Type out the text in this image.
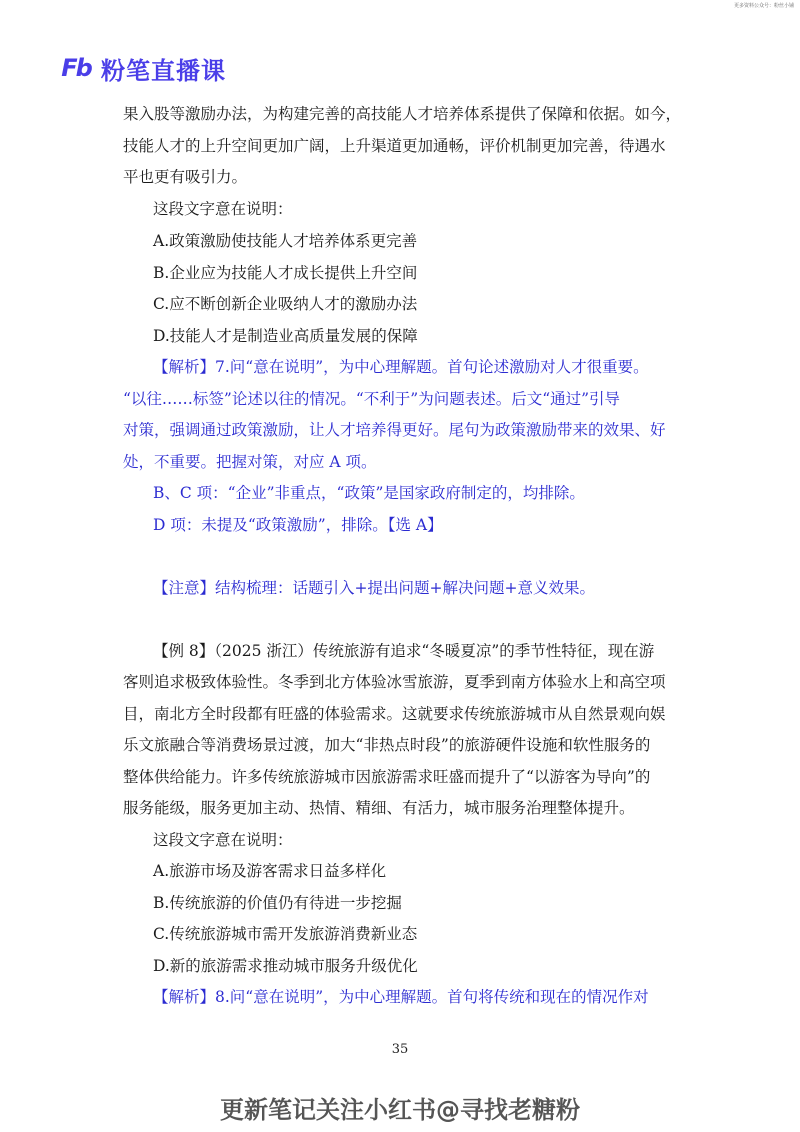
更多资料公众号：粉丝小铺
Fb 粉笔直播课
果入股等激励办法，为构建完善的高技能人才培养体系提供了保障和依据。如今，
技能人才的上升空间更加广阔，上升渠道更加通畅，评价机制更加完善，待遇水
平也更有吸引力。
这段文字意在说明：
A.政策激励使技能人才培养体系更完善
B.企业应为技能人才成长提供上升空间
C.应不断创新企业吸纳人才的激励办法
D.技能人才是制造业高质量发展的保障
【解析】7.问“意在说明”，为中心理解题。首句论述激励对人才很重要。
“以往……标签”论述以往的情况。“不利于”为问题表述。后文“通过”引导
对策，强调通过政策激励，让人才培养得更好。尾句为政策激励带来的效果、好
处，不重要。把握对策，对应 A 项。
B、C 项：“企业”非重点，“政策”是国家政府制定的，均排除。
D 项：未提及“政策激励”，排除。【选 A】
【注意】结构梳理：话题引入+提出问题+解决问题+意义效果。
【例 8】（2025 浙江）传统旅游有追求“冬暖夏凉”的季节性特征，现在游
客则追求极致体验性。冬季到北方体验冰雪旅游，夏季到南方体验水上和高空项
目，南北方全时段都有旺盛的体验需求。这就要求传统旅游城市从自然景观向娱
乐文旅融合等消费场景过渡，加大“非热点时段”的旅游硬件设施和软性服务的
整体供给能力。许多传统旅游城市因旅游需求旺盛而提升了“以游客为导向”的
服务能级，服务更加主动、热情、精细、有活力，城市服务治理整体提升。
这段文字意在说明：
A.旅游市场及游客需求日益多样化
B.传统旅游的价值仍有待进一步挖掘
C.传统旅游城市需开发旅游消费新业态
D.新的旅游需求推动城市服务升级优化
【解析】8.问“意在说明”，为中心理解题。首句将传统和现在的情况作对
35
更新笔记关注小红书@寻找老糖粉
